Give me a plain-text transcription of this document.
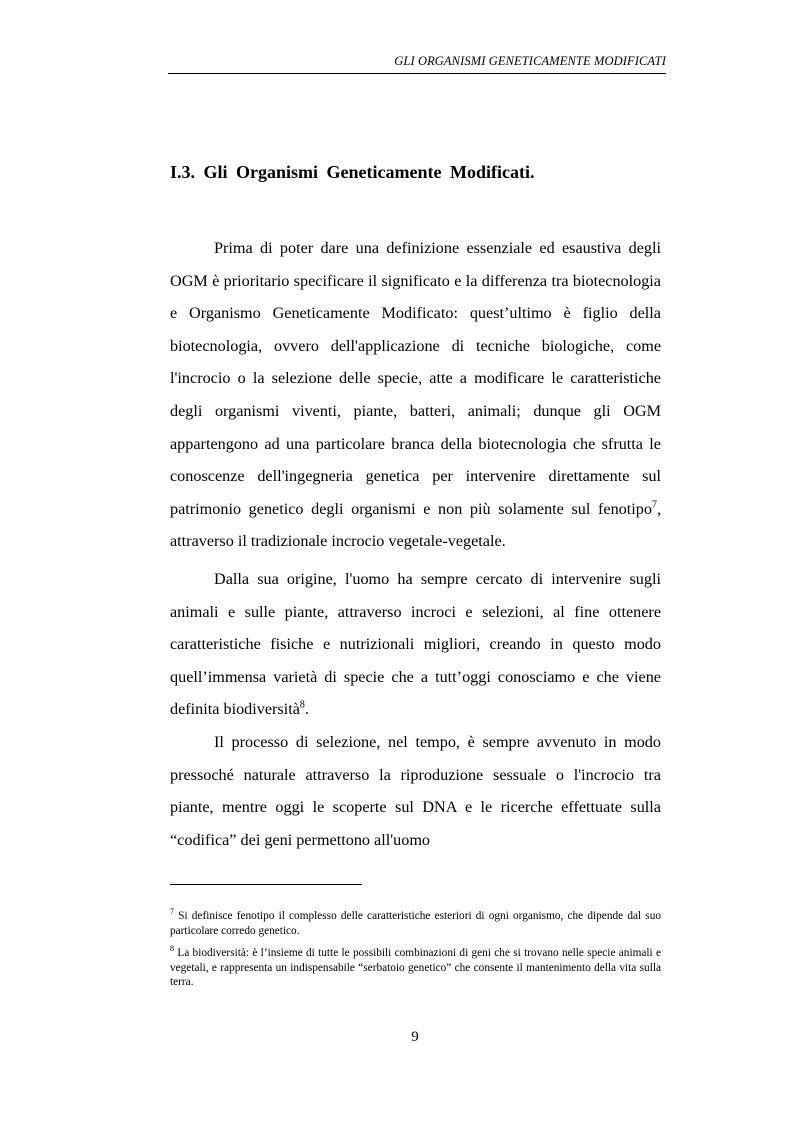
GLI ORGANISMI GENETICAMENTE MODIFICATI
I.3. Gli Organismi Geneticamente Modificati.

Prima di poter dare una definizione essenziale ed esaustiva degli OGM è prioritario specificare il significato e la differenza tra biotecnologia e Organismo Geneticamente Modificato: quest’ultimo è figlio della biotecnologia, ovvero dell'applicazione di tecniche biologiche, come l'incrocio o la selezione delle specie, atte a modificare le caratteristiche degli organismi viventi, piante, batteri, animali; dunque gli OGM appartengono ad una particolare branca della biotecnologia che sfrutta le conoscenze dell'ingegneria genetica per intervenire direttamente sul patrimonio genetico degli organismi e non più solamente sul fenotipo$^7$, attraverso il tradizionale incrocio vegetale-vegetale.

Dalla sua origine, l'uomo ha sempre cercato di intervenire sugli animali e sulle piante, attraverso incroci e selezioni, al fine ottenere caratteristiche fisiche e nutrizionali migliori, creando in questo modo quell’immensa varietà di specie che a tutt’oggi conosciamo e che viene definita biodiversità$^8$.

Il processo di selezione, nel tempo, è sempre avvenuto in modo pressoché naturale attraverso la riproduzione sessuale o l'incrocio tra piante, mentre oggi le scoperte sul DNA e le ricerche effettuate sulla “codifica” dei geni permettono all'uomo

$^7$ Si definisce fenotipo il complesso delle caratteristiche esteriori di ogni organismo, che dipende dal suo particolare corredo genetico.

$^8$ La biodiversità: è l’insieme di tutte le possibili combinazioni di geni che si trovano nelle specie animali e vegetali, e rappresenta un indispensabile “serbatoio genetico” che consente il mantenimento della vita sulla terra.

9
